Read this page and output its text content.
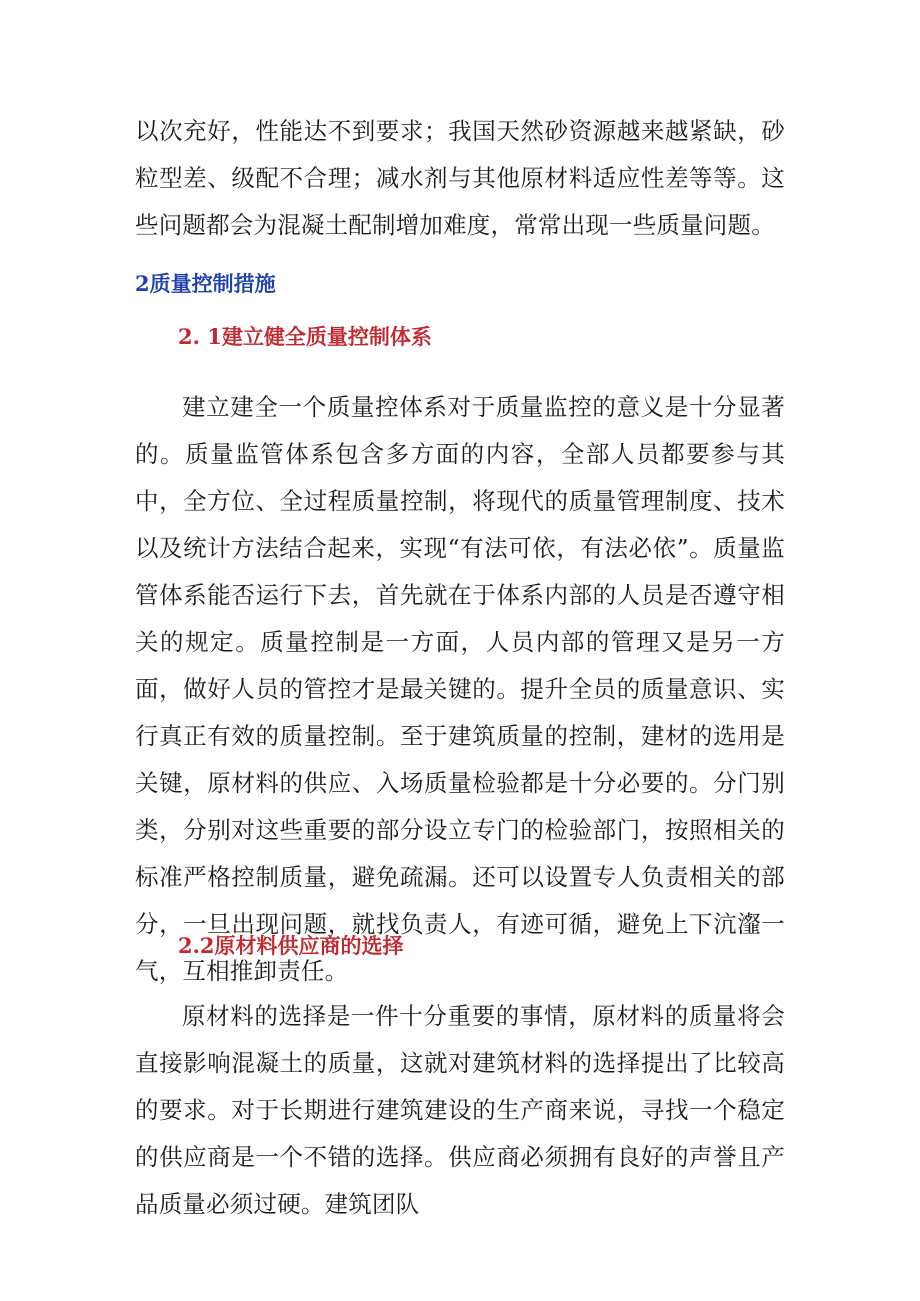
以次充好，性能达不到要求；我国天然砂资源越来越紧缺，砂粒型差、级配不合理；减水剂与其他原材料适应性差等等。这些问题都会为混凝土配制增加难度，常常出现一些质量问题。

2质量控制措施
2. 1建立健全质量控制体系

建立建全一个质量控体系对于质量监控的意义是十分显著的。质量监管体系包含多方面的内容，全部人员都要参与其中，全方位、全过程质量控制，将现代的质量管理制度、技术以及统计方法结合起来，实现“有法可依，有法必依”。质量监管体系能否运行下去，首先就在于体系内部的人员是否遵守相关的规定。质量控制是一方面，人员内部的管理又是另一方面，做好人员的管控才是最关键的。提升全员的质量意识、实行真正有效的质量控制。至于建筑质量的控制，建材的选用是关键，原材料的供应、入场质量检验都是十分必要的。分门别类，分别对这些重要的部分设立专门的检验部门，按照相关的标准严格控制质量，避免疏漏。还可以设置专人负责相关的部分，一旦出现问题，就找负责人，有迹可循，避免上下沆瀣一气，互相推卸责任。

2.2原材料供应商的选择

原材料的选择是一件十分重要的事情，原材料的质量将会直接影响混凝土的质量，这就对建筑材料的选择提出了比较高的要求。对于长期进行建筑建设的生产商来说，寻找一个稳定的供应商是一个不错的选择。供应商必须拥有良好的声誉且产品质量必须过硬。建筑团队
